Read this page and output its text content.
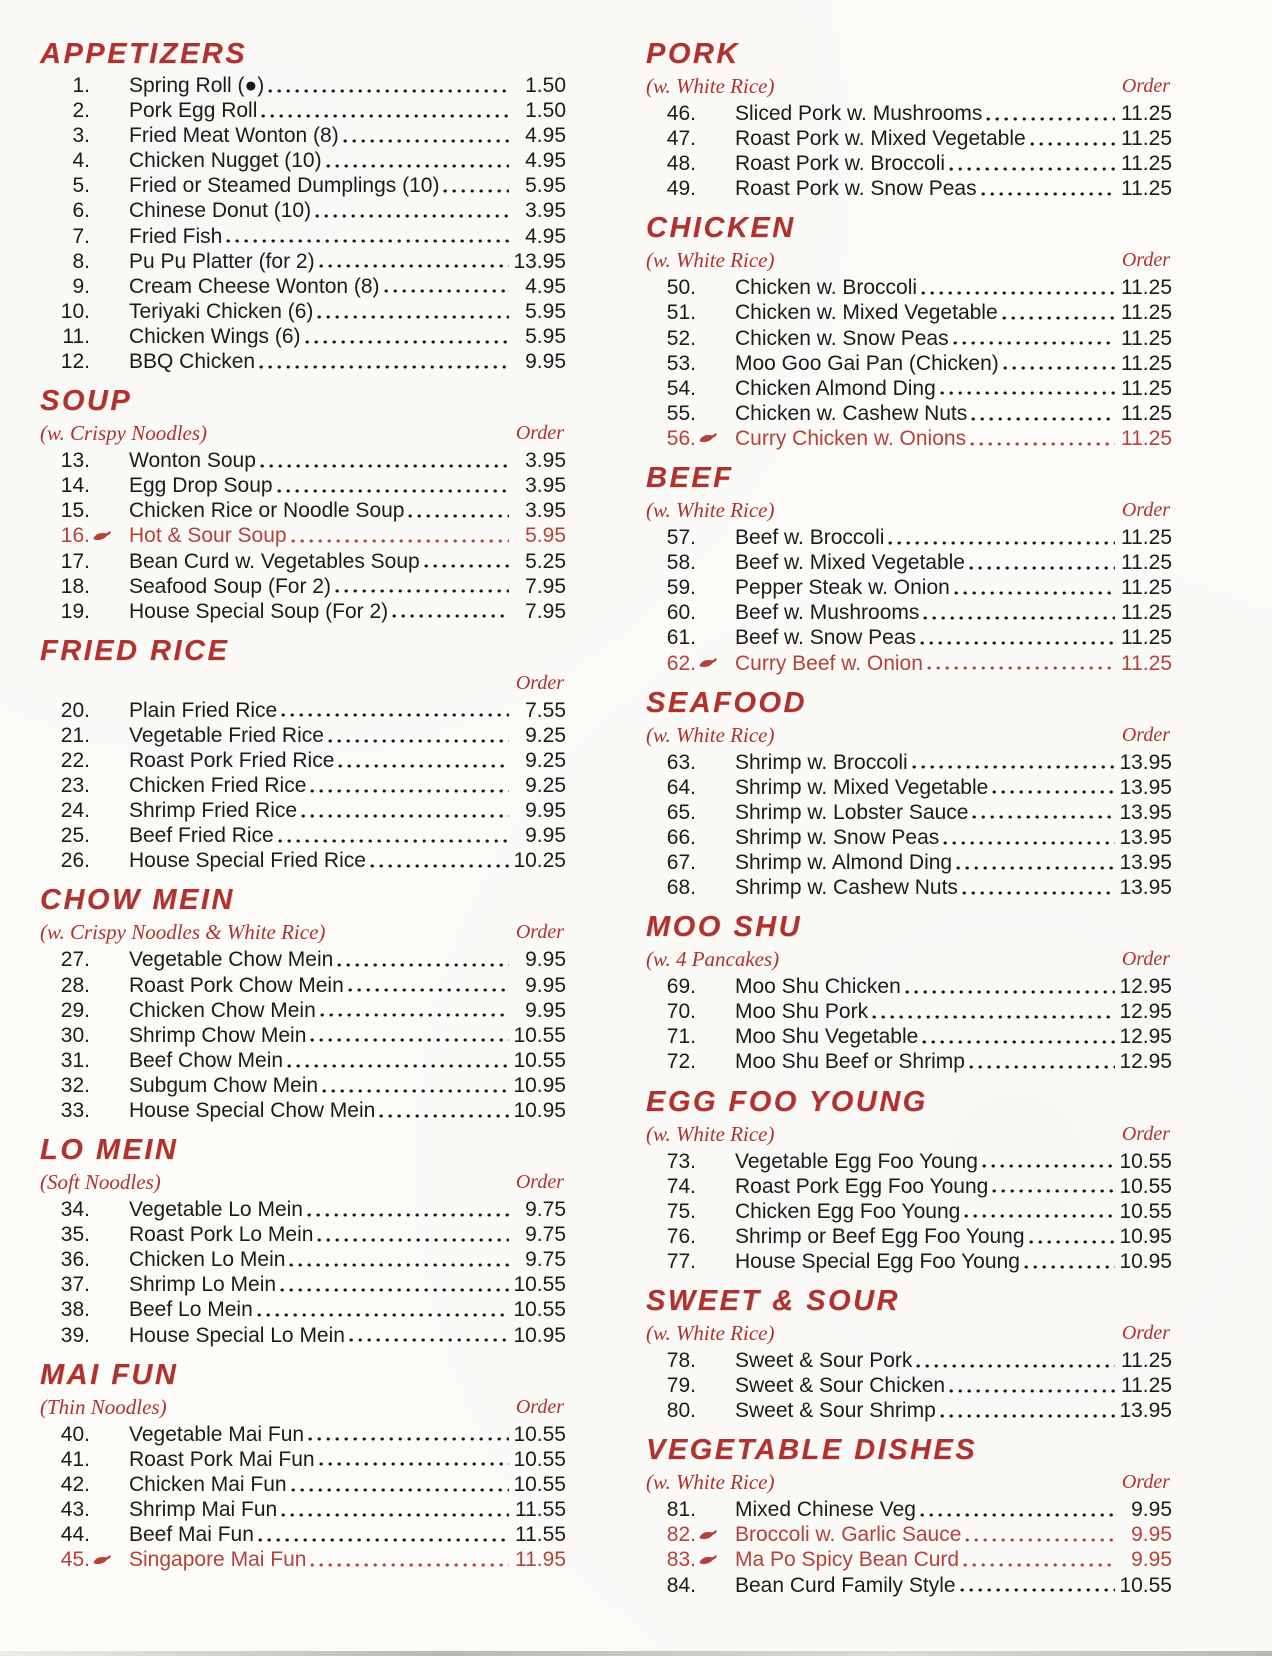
APPETIZERS
1. Spring Roll (●)	1.50
2. Pork Egg Roll	1.50
3. Fried Meat Wonton (8)	4.95
4. Chicken Nugget (10)	4.95
5. Fried or Steamed Dumplings (10)	5.95
6. Chinese Donut (10)	3.95
7. Fried Fish	4.95
8. Pu Pu Platter (for 2)	13.95
9. Cream Cheese Wonton (8)	4.95
10. Teriyaki Chicken (6)	5.95
11. Chicken Wings (6)	5.95
12. BBQ Chicken	9.95
SOUP
(w. Crispy Noodles)	Order
13. Wonton Soup	3.95
14. Egg Drop Soup	3.95
15. Chicken Rice or Noodle Soup	3.95
16. Hot & Sour Soup	5.95
17. Bean Curd w. Vegetables Soup	5.25
18. Seafood Soup (For 2)	7.95
19. House Special Soup (For 2)	7.95
FRIED RICE
Order
20. Plain Fried Rice	7.55
21. Vegetable Fried Rice	9.25
22. Roast Pork Fried Rice	9.25
23. Chicken Fried Rice	9.25
24. Shrimp Fried Rice	9.95
25. Beef Fried Rice	9.95
26. House Special Fried Rice	10.25
CHOW MEIN
(w. Crispy Noodles & White Rice)	Order
27. Vegetable Chow Mein	9.95
28. Roast Pork Chow Mein	9.95
29. Chicken Chow Mein	9.95
30. Shrimp Chow Mein	10.55
31. Beef Chow Mein	10.55
32. Subgum Chow Mein	10.95
33. House Special Chow Mein	10.95
LO MEIN
(Soft Noodles)	Order
34. Vegetable Lo Mein	9.75
35. Roast Pork Lo Mein	9.75
36. Chicken Lo Mein	9.75
37. Shrimp Lo Mein	10.55
38. Beef Lo Mein	10.55
39. House Special Lo Mein	10.95
MAI FUN
(Thin Noodles)	Order
40. Vegetable Mai Fun	10.55
41. Roast Pork Mai Fun	10.55
42. Chicken Mai Fun	10.55
43. Shrimp Mai Fun	11.55
44. Beef Mai Fun	11.55
45. Singapore Mai Fun	11.95
PORK
(w. White Rice)	Order
46. Sliced Pork w. Mushrooms	11.25
47. Roast Pork w. Mixed Vegetable	11.25
48. Roast Pork w. Broccoli	11.25
49. Roast Pork w. Snow Peas	11.25
CHICKEN
(w. White Rice)	Order
50. Chicken w. Broccoli	11.25
51. Chicken w. Mixed Vegetable	11.25
52. Chicken w. Snow Peas	11.25
53. Moo Goo Gai Pan (Chicken)	11.25
54. Chicken Almond Ding	11.25
55. Chicken w. Cashew Nuts	11.25
56. Curry Chicken w. Onions	11.25
BEEF
(w. White Rice)	Order
57. Beef w. Broccoli	11.25
58. Beef w. Mixed Vegetable	11.25
59. Pepper Steak w. Onion	11.25
60. Beef w. Mushrooms	11.25
61. Beef w. Snow Peas	11.25
62. Curry Beef w. Onion	11.25
SEAFOOD
(w. White Rice)	Order
63. Shrimp w. Broccoli	13.95
64. Shrimp w. Mixed Vegetable	13.95
65. Shrimp w. Lobster Sauce	13.95
66. Shrimp w. Snow Peas	13.95
67. Shrimp w. Almond Ding	13.95
68. Shrimp w. Cashew Nuts	13.95
MOO SHU
(w. 4 Pancakes)	Order
69. Moo Shu Chicken	12.95
70. Moo Shu Pork	12.95
71. Moo Shu Vegetable	12.95
72. Moo Shu Beef or Shrimp	12.95
EGG FOO YOUNG
(w. White Rice)	Order
73. Vegetable Egg Foo Young	10.55
74. Roast Pork Egg Foo Young	10.55
75. Chicken Egg Foo Young	10.55
76. Shrimp or Beef Egg Foo Young	10.95
77. House Special Egg Foo Young	10.95
SWEET & SOUR
(w. White Rice)	Order
78. Sweet & Sour Pork	11.25
79. Sweet & Sour Chicken	11.25
80. Sweet & Sour Shrimp	13.95
VEGETABLE DISHES
(w. White Rice)	Order
81. Mixed Chinese Veg	9.95
82. Broccoli w. Garlic Sauce	9.95
83. Ma Po Spicy Bean Curd	9.95
84. Bean Curd Family Style	10.55
